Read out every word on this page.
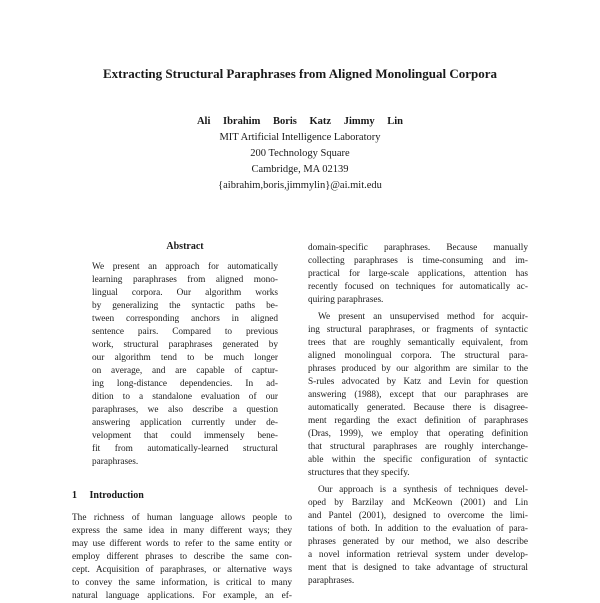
Extracting Structural Paraphrases from Aligned Monolingual Corpora
Ali Ibrahim Boris Katz Jimmy Lin
MIT Artificial Intelligence Laboratory
200 Technology Square
Cambridge, MA 02139
{aibrahim,boris,jimmylin}@ai.mit.edu

Abstract

We present an approach for automatically
learning paraphrases from aligned mono-
lingual corpora. Our algorithm works
by generalizing the syntactic paths be-
tween corresponding anchors in aligned
sentence pairs. Compared to previous
work, structural paraphrases generated by
our algorithm tend to be much longer
on average, and are capable of captur-
ing long-distance dependencies. In ad-
dition to a standalone evaluation of our
paraphrases, we also describe a question
answering application currently under de-
velopment that could immensely bene-
fit from automatically-learned structural
paraphrases.

1 Introduction

The richness of human language allows people to
express the same idea in many different ways; they
may use different words to refer to the same entity or
employ different phrases to describe the same con-
cept. Acquisition of paraphrases, or alternative ways
to convey the same information, is critical to many
natural language applications. For example, an ef-

domain-specific paraphrases. Because manually
collecting paraphrases is time-consuming and im-
practical for large-scale applications, attention has
recently focused on techniques for automatically ac-
quiring paraphrases.

We present an unsupervised method for acquir-
ing structural paraphrases, or fragments of syntactic
trees that are roughly semantically equivalent, from
aligned monolingual corpora. The structural para-
phrases produced by our algorithm are similar to the
S-rules advocated by Katz and Levin for question
answering (1988), except that our paraphrases are
automatically generated. Because there is disagree-
ment regarding the exact definition of paraphrases
(Dras, 1999), we employ that operating definition
that structural paraphrases are roughly interchange-
able within the specific configuration of syntactic
structures that they specify.

Our approach is a synthesis of techniques devel-
oped by Barzilay and McKeown (2001) and Lin
and Pantel (2001), designed to overcome the limi-
tations of both. In addition to the evaluation of para-
phrases generated by our method, we also describe
a novel information retrieval system under develop-
ment that is designed to take advantage of structural
paraphrases.
